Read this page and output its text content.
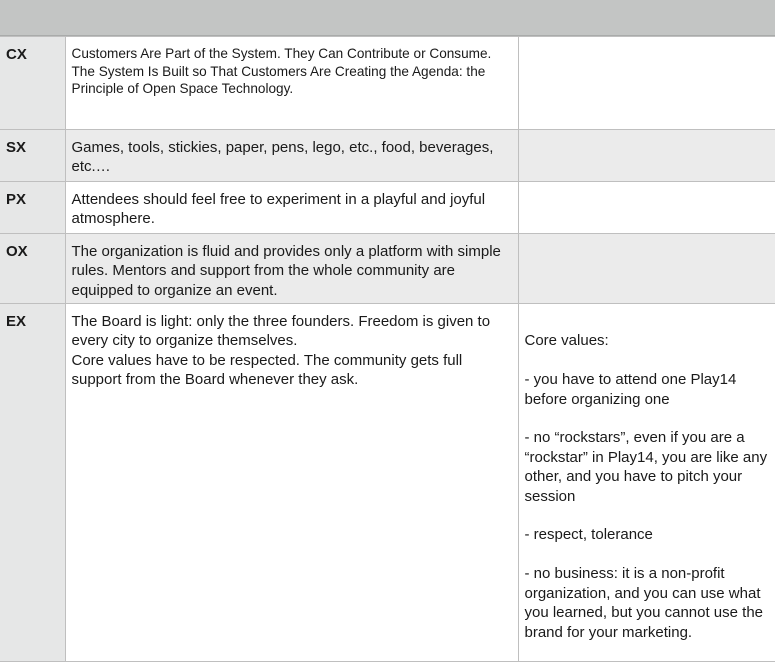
CX	Customers Are Part of the System. They Can Contribute or Consume. The System Is Built so That Customers Are Creating the Agenda: the Principle of Open Space Technology.	
SX	Games, tools, stickies, paper, pens, lego, etc., food, beverages, etc.…	
PX	Attendees should feel free to experiment in a playful and joyful atmosphere.	
OX	The organization is fluid and provides only a platform with simple rules. Mentors and support from the whole community are equipped to organize an event.	
EX	The Board is light: only the three founders. Freedom is given to every city to organize themselves.
Core values have to be respected. The community gets full support from the Board whenever they ask.	Core values:

- you have to attend one Play14 before organizing one

- no “rockstars”, even if you are a “rockstar” in Play14, you are like any other, and you have to pitch your session

- respect, tolerance

- no business: it is a non-profit organization, and you can use what you learned, but you cannot use the brand for your marketing.
